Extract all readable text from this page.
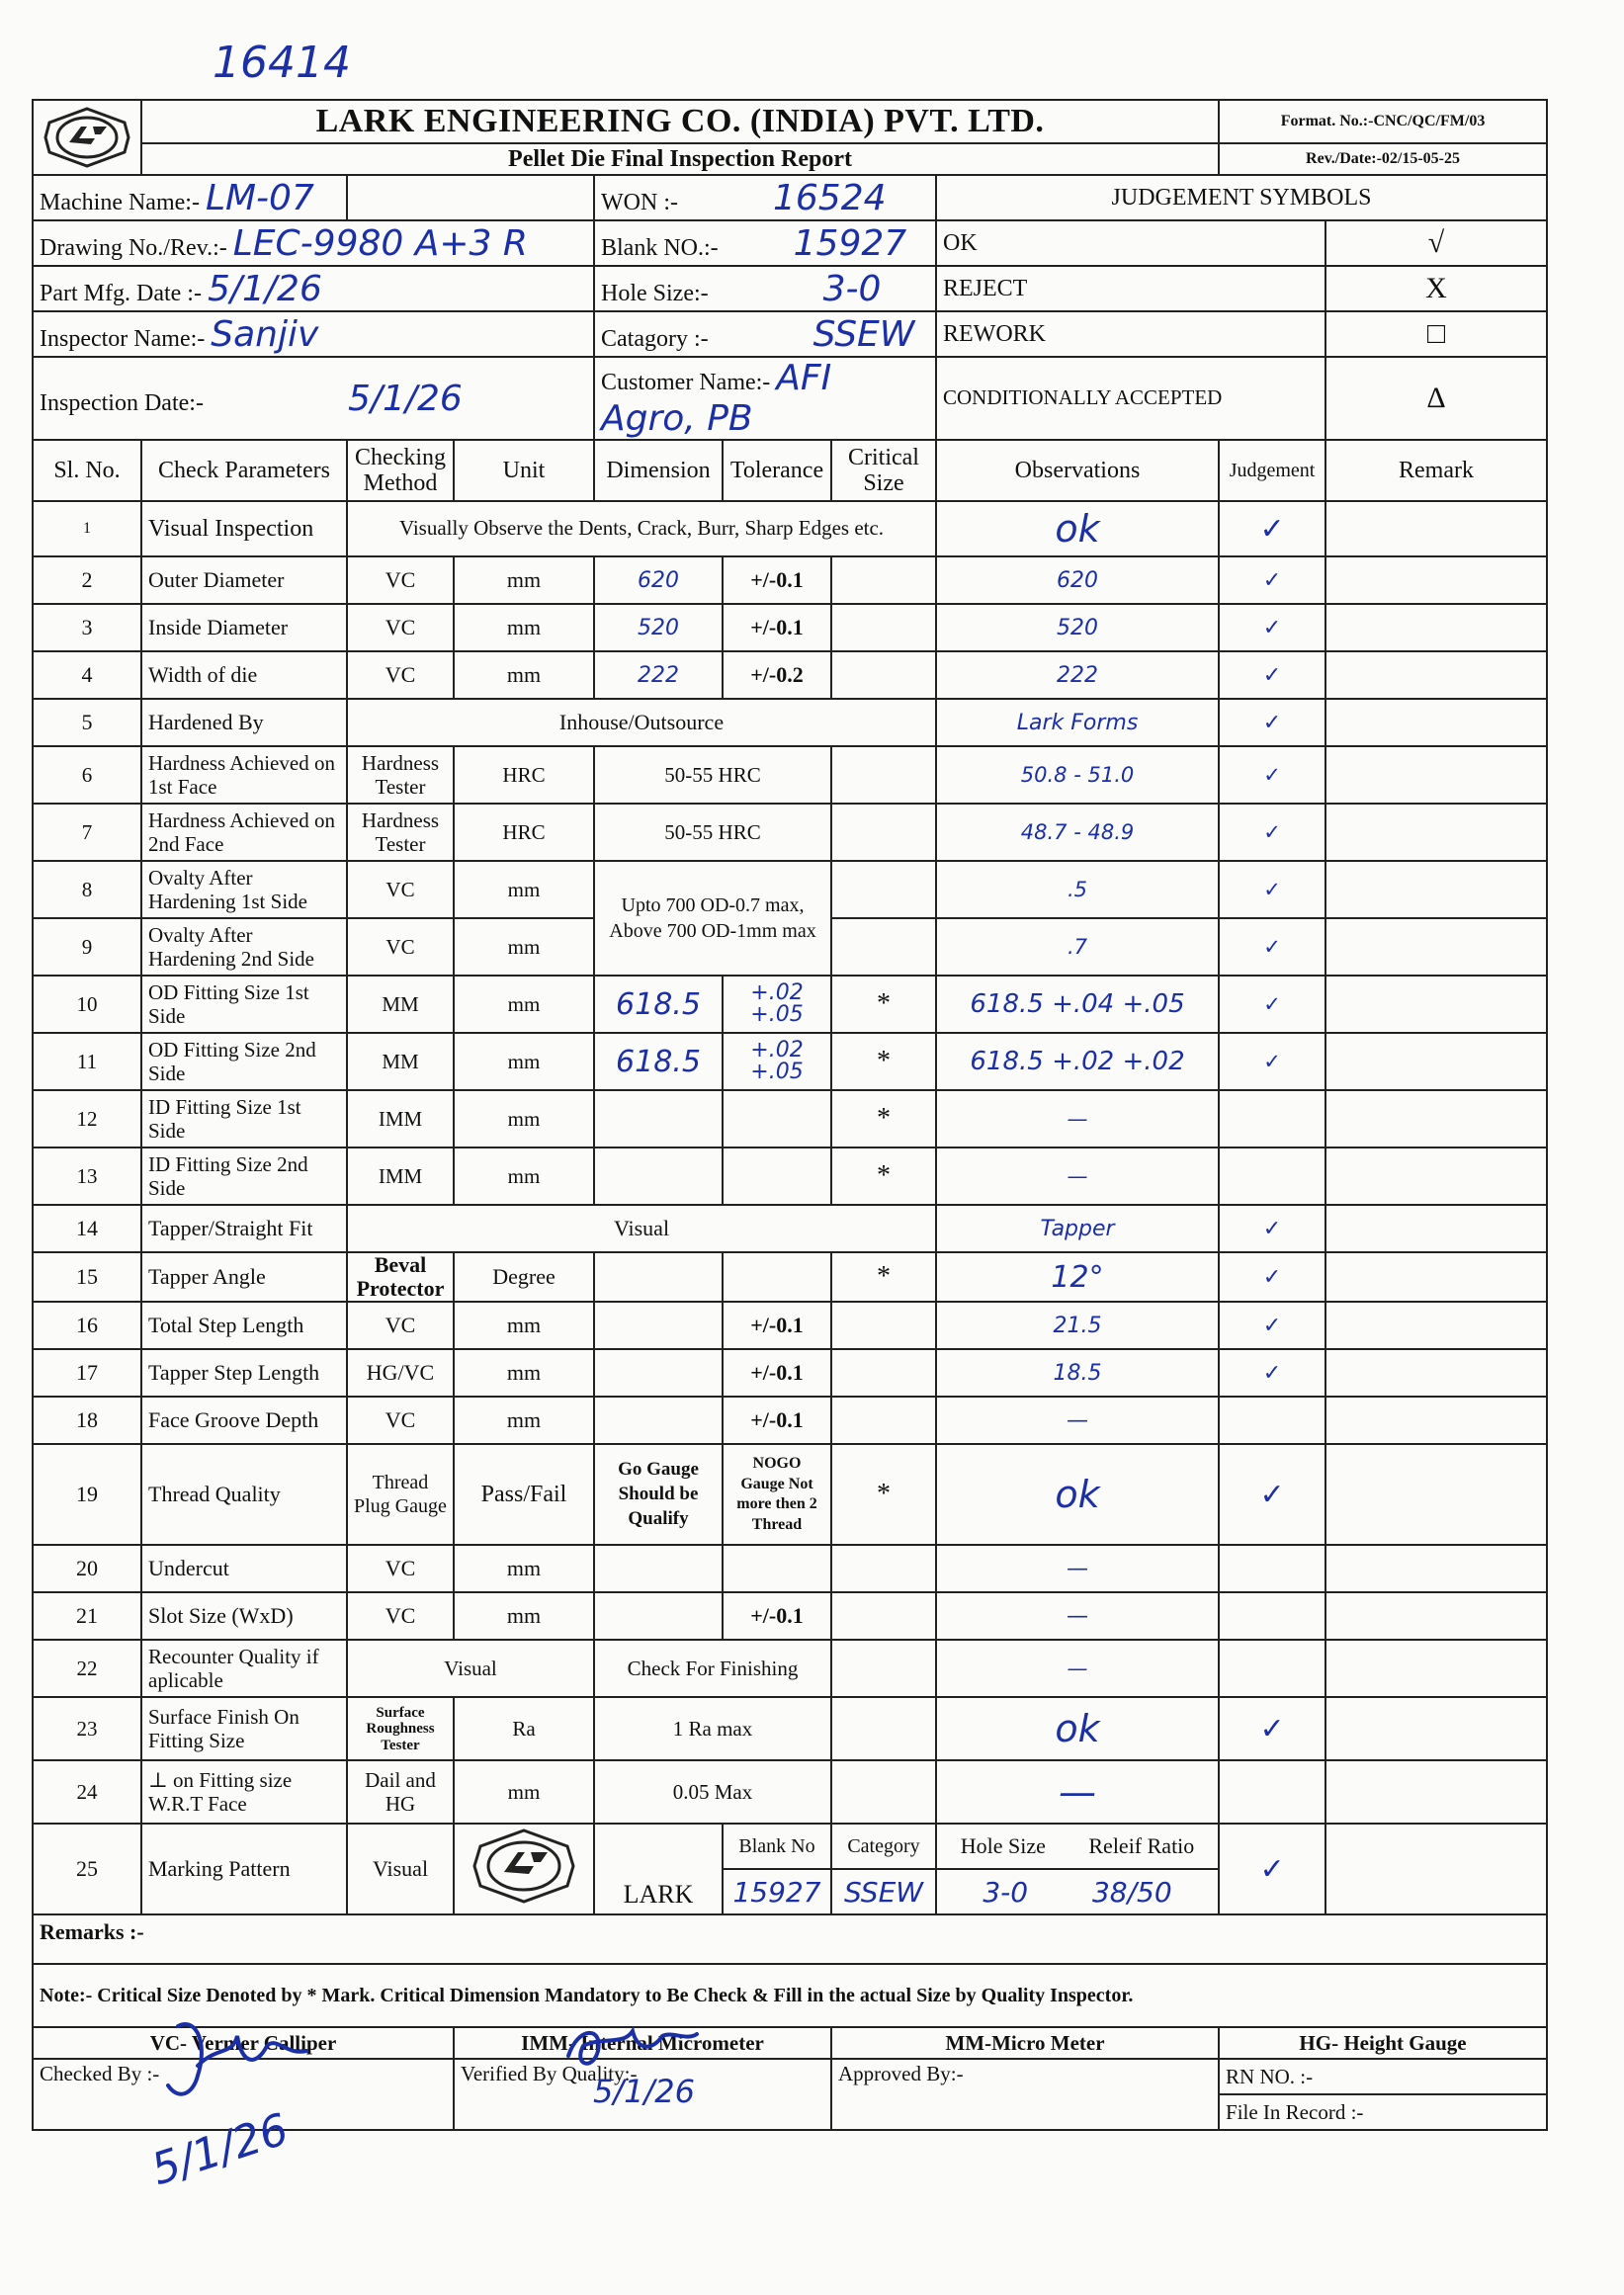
16414
	LARK ENGINEERING CO. (INDIA) PVT. LTD.							Format. No.:-CNC/QC/FM/03	
	Pellet Die Final Inspection Report							Rev./Date:-02/15-05-25	
Machine Name:- LM-07				WON :- 16524			JUDGEMENT SYMBOLS		
Drawing No./Rev.:- LEC-9980 A+3 R				Blank NO.:- 15927			OK		√
Part Mfg. Date :- 5/1/26				Hole Size:- 3-0			REJECT		X
Inspector Name:- Sanjiv				Catagory :- SSEW			REWORK		□
Inspection Date:- 5/1/26				Customer Name:- AFI Agro, PB			CONDITIONALLY ACCEPTED		Δ
Sl. No.	Check Parameters	Checking Method	Unit	Dimension	Tolerance	Critical Size	Observations	Judgement	Remark
1	Visual Inspection	Visually Observe the Dents, Crack, Burr, Sharp Edges etc.					ok	✓	
2	Outer Diameter	VC	mm	620	+/-0.1		620	✓	
3	Inside Diameter	VC	mm	520	+/-0.1		520	✓	
4	Width of die	VC	mm	222	+/-0.2		222	✓	
5	Hardened By	Inhouse/Outsource					Lark Forms	✓	
6	Hardness Achieved on 1st Face	Hardness Tester	HRC	50-55 HRC			50.8 - 51.0	✓	
7	Hardness Achieved on 2nd Face	Hardness Tester	HRC	50-55 HRC			48.7 - 48.9	✓	
8	Ovalty After Hardening 1st Side	VC	mm	Upto 700 OD-0.7 max, Above 700 OD-1mm max			.5	✓	
9	Ovalty After Hardening 2nd Side	VC	mm				.7	✓	
10	OD Fitting Size 1st Side	MM	mm	618.5	+.02 +.05	*	618.5 +.04 +.05	✓	
11	OD Fitting Size 2nd Side	MM	mm	618.5	+.02 +.05	*	618.5 +.02 +.02	✓	
12	ID Fitting Size 1st Side	IMM	mm			*	—		
13	ID Fitting Size 2nd Side	IMM	mm			*	—		
14	Tapper/Straight Fit	Visual					Tapper	✓	
15	Tapper Angle	Beval Protector	Degree			*	12°	✓	
16	Total Step Length	VC	mm		+/-0.1		21.5	✓	
17	Tapper Step Length	HG/VC	mm		+/-0.1		18.5	✓	
18	Face Groove Depth	VC	mm		+/-0.1		—		
19	Thread Quality	Thread Plug Gauge	Pass/Fail	Go Gauge Should be Qualify	NOGO Gauge Not more then 2 Thread	*	ok	✓	
20	Undercut	VC	mm				—		
21	Slot Size (WxD)	VC	mm		+/-0.1		—		
22	Recounter Quality if aplicable	Visual		Check For Finishing			—		
23	Surface Finish On Fitting Size	Surface Roughness Tester	Ra	1 Ra max			ok	✓	
24	⊥ on Fitting size W.R.T Face	Dail and HG	mm	0.05 Max			—		
25	Marking Pattern	Visual		LARK	Blank No	Category	Hole Size Releif Ratio	✓	
					15927	SSEW	3-0 38/50		
Remarks :-									
Note:- Critical Size Denoted by * Mark. Critical Dimension Mandatory to Be Check & Fill in the actual Size by Quality Inspector.									
VC- Vernier Calliper			IMM- Internal Micrometer			MM-Micro Meter		HG- Height Gauge	
Checked By :-			Verified By Quality:-			Approved By:-		RN NO. :-	
								File In Record :-	
5/1/26
5/1/26
